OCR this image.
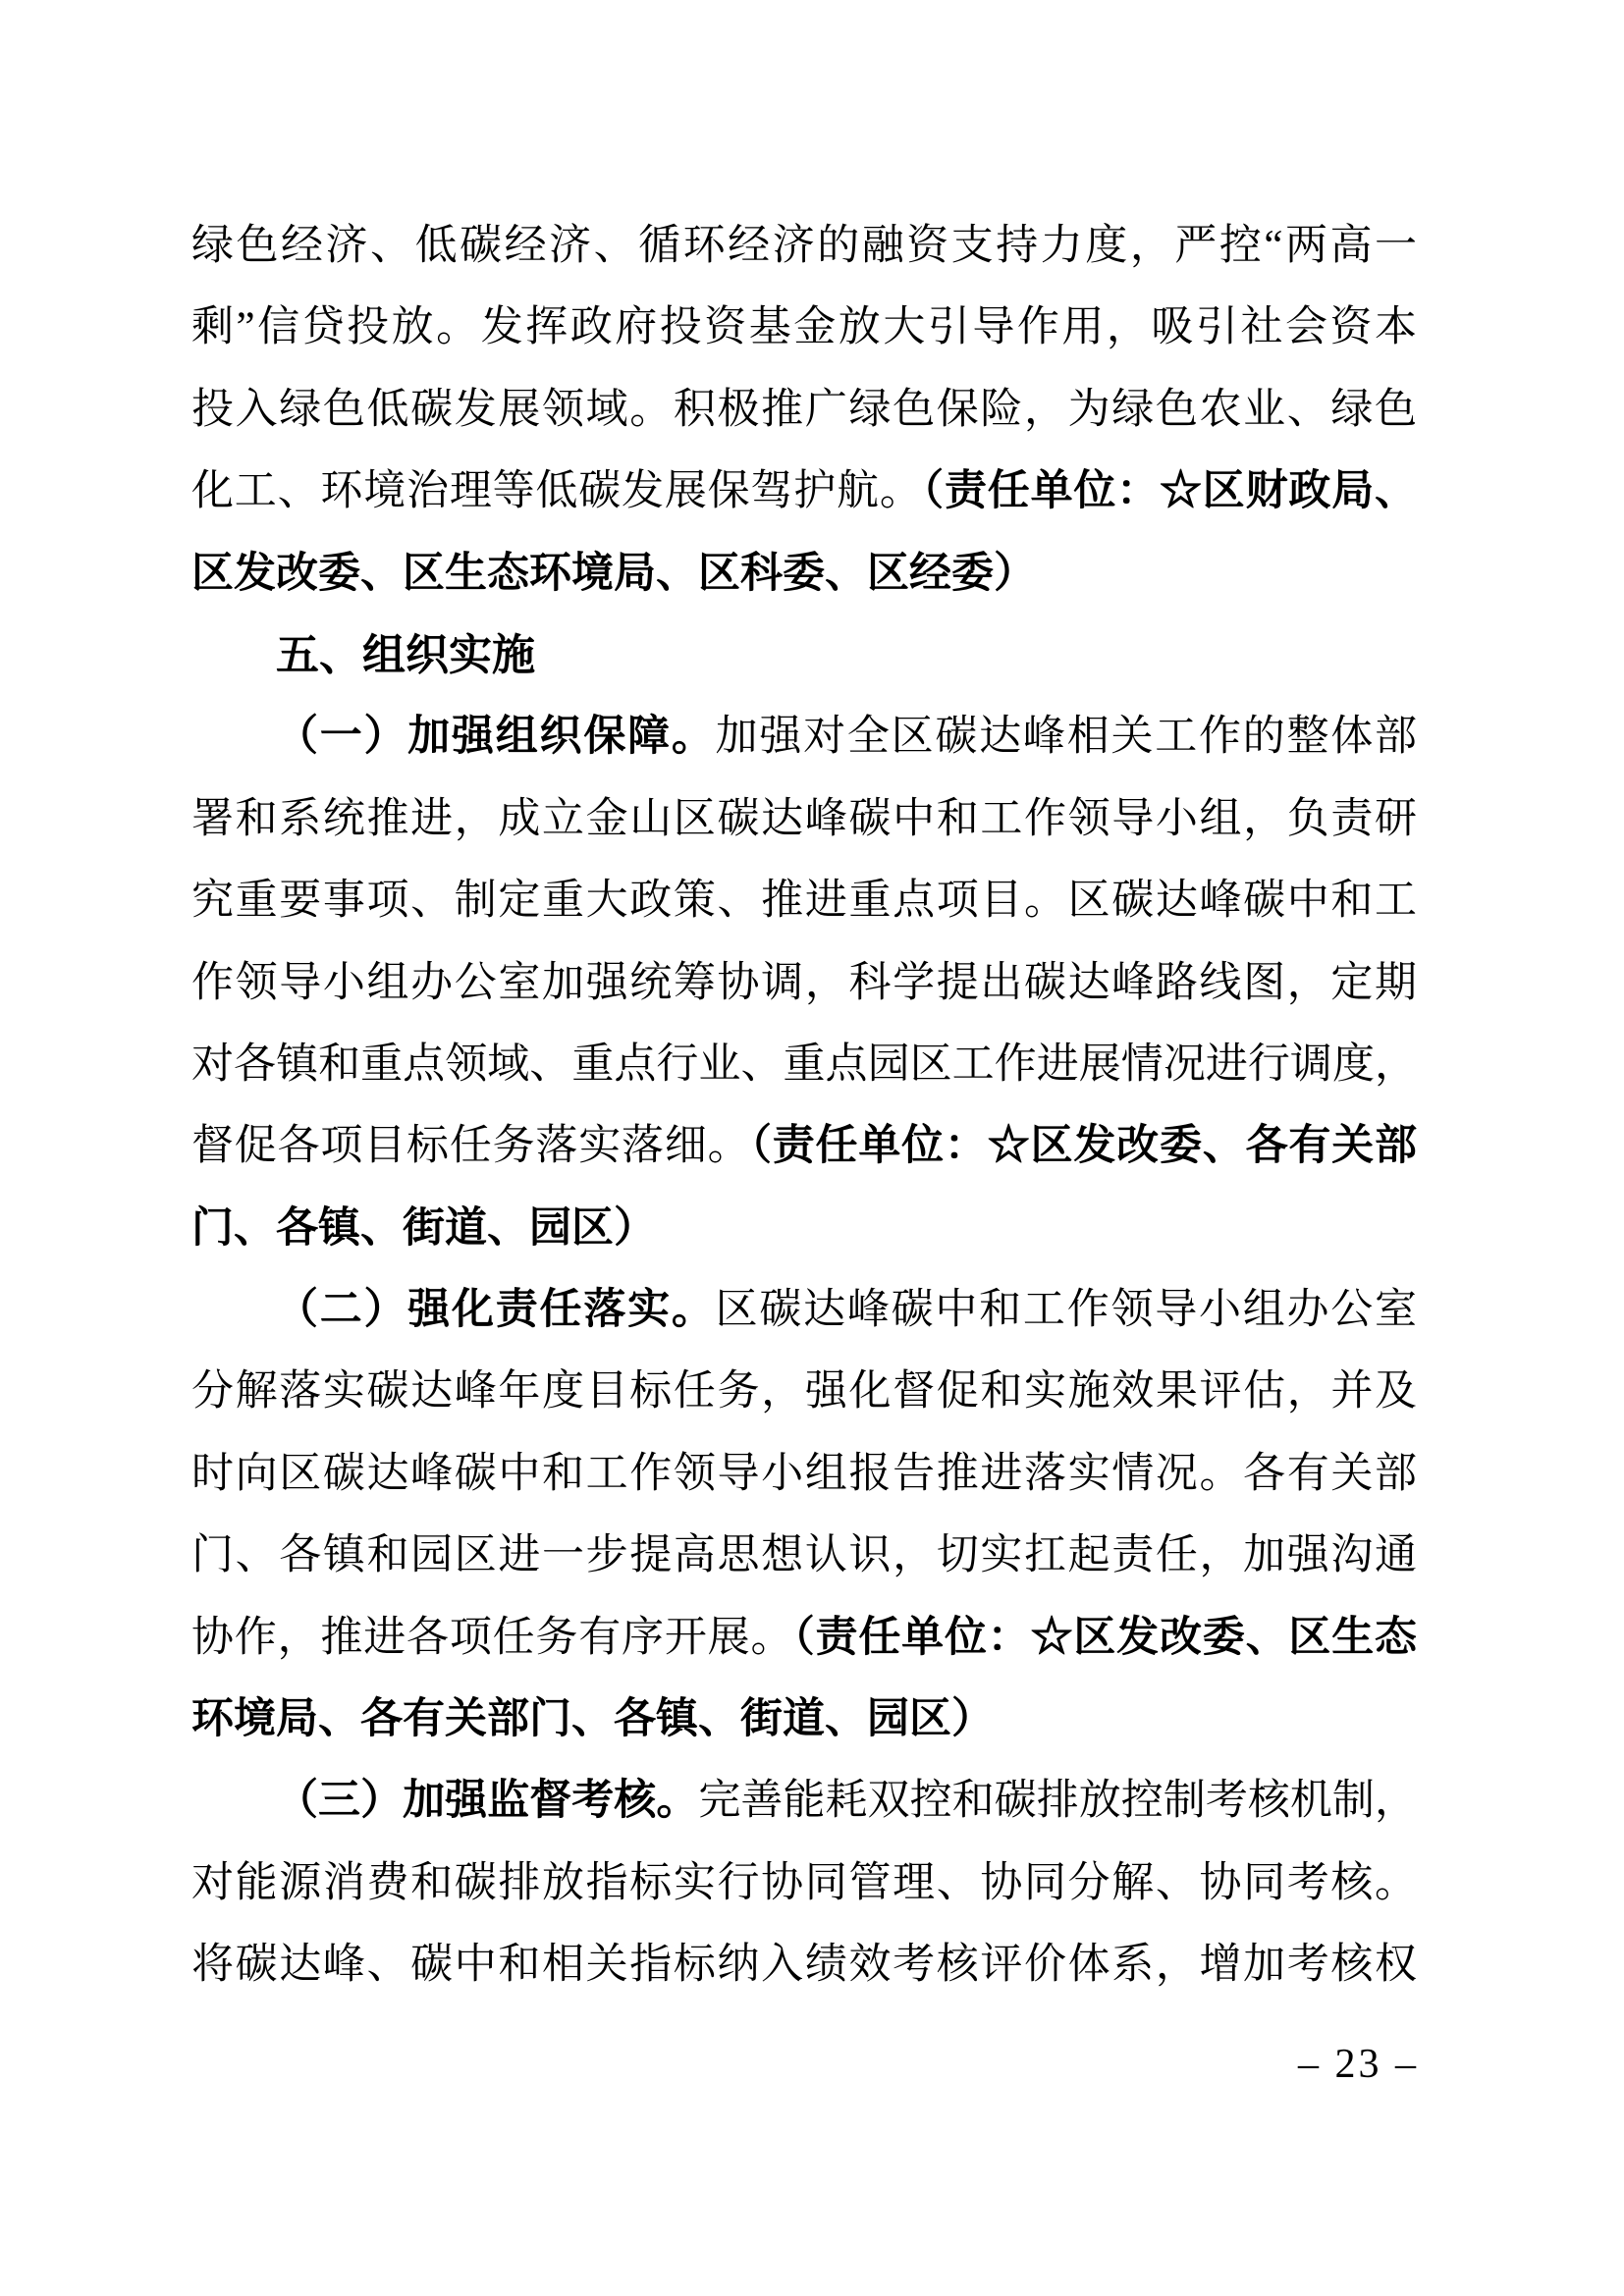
绿色经济、低碳经济、循环经济的融资支持力度，严控“两高一
剩”信贷投放。发挥政府投资基金放大引导作用，吸引社会资本
投入绿色低碳发展领域。积极推广绿色保险，为绿色农业、绿色
化工、环境治理等低碳发展保驾护航。（责任单位：☆区财政局、
区发改委、区生态环境局、区科委、区经委）
五、组织实施
（一）加强组织保障。加强对全区碳达峰相关工作的整体部
署和系统推进，成立金山区碳达峰碳中和工作领导小组，负责研
究重要事项、制定重大政策、推进重点项目。区碳达峰碳中和工
作领导小组办公室加强统筹协调，科学提出碳达峰路线图，定期
对各镇和重点领域、重点行业、重点园区工作进展情况进行调度，
督促各项目标任务落实落细。（责任单位：☆区发改委、各有关部
门、各镇、街道、园区）
（二）强化责任落实。区碳达峰碳中和工作领导小组办公室
分解落实碳达峰年度目标任务，强化督促和实施效果评估，并及
时向区碳达峰碳中和工作领导小组报告推进落实情况。各有关部
门、各镇和园区进一步提高思想认识，切实扛起责任，加强沟通
协作，推进各项任务有序开展。（责任单位：☆区发改委、区生态
环境局、各有关部门、各镇、街道、园区）
（三）加强监督考核。完善能耗双控和碳排放控制考核机制，
对能源消费和碳排放指标实行协同管理、协同分解、协同考核。
将碳达峰、碳中和相关指标纳入绩效考核评价体系，增加考核权
– 23 –
